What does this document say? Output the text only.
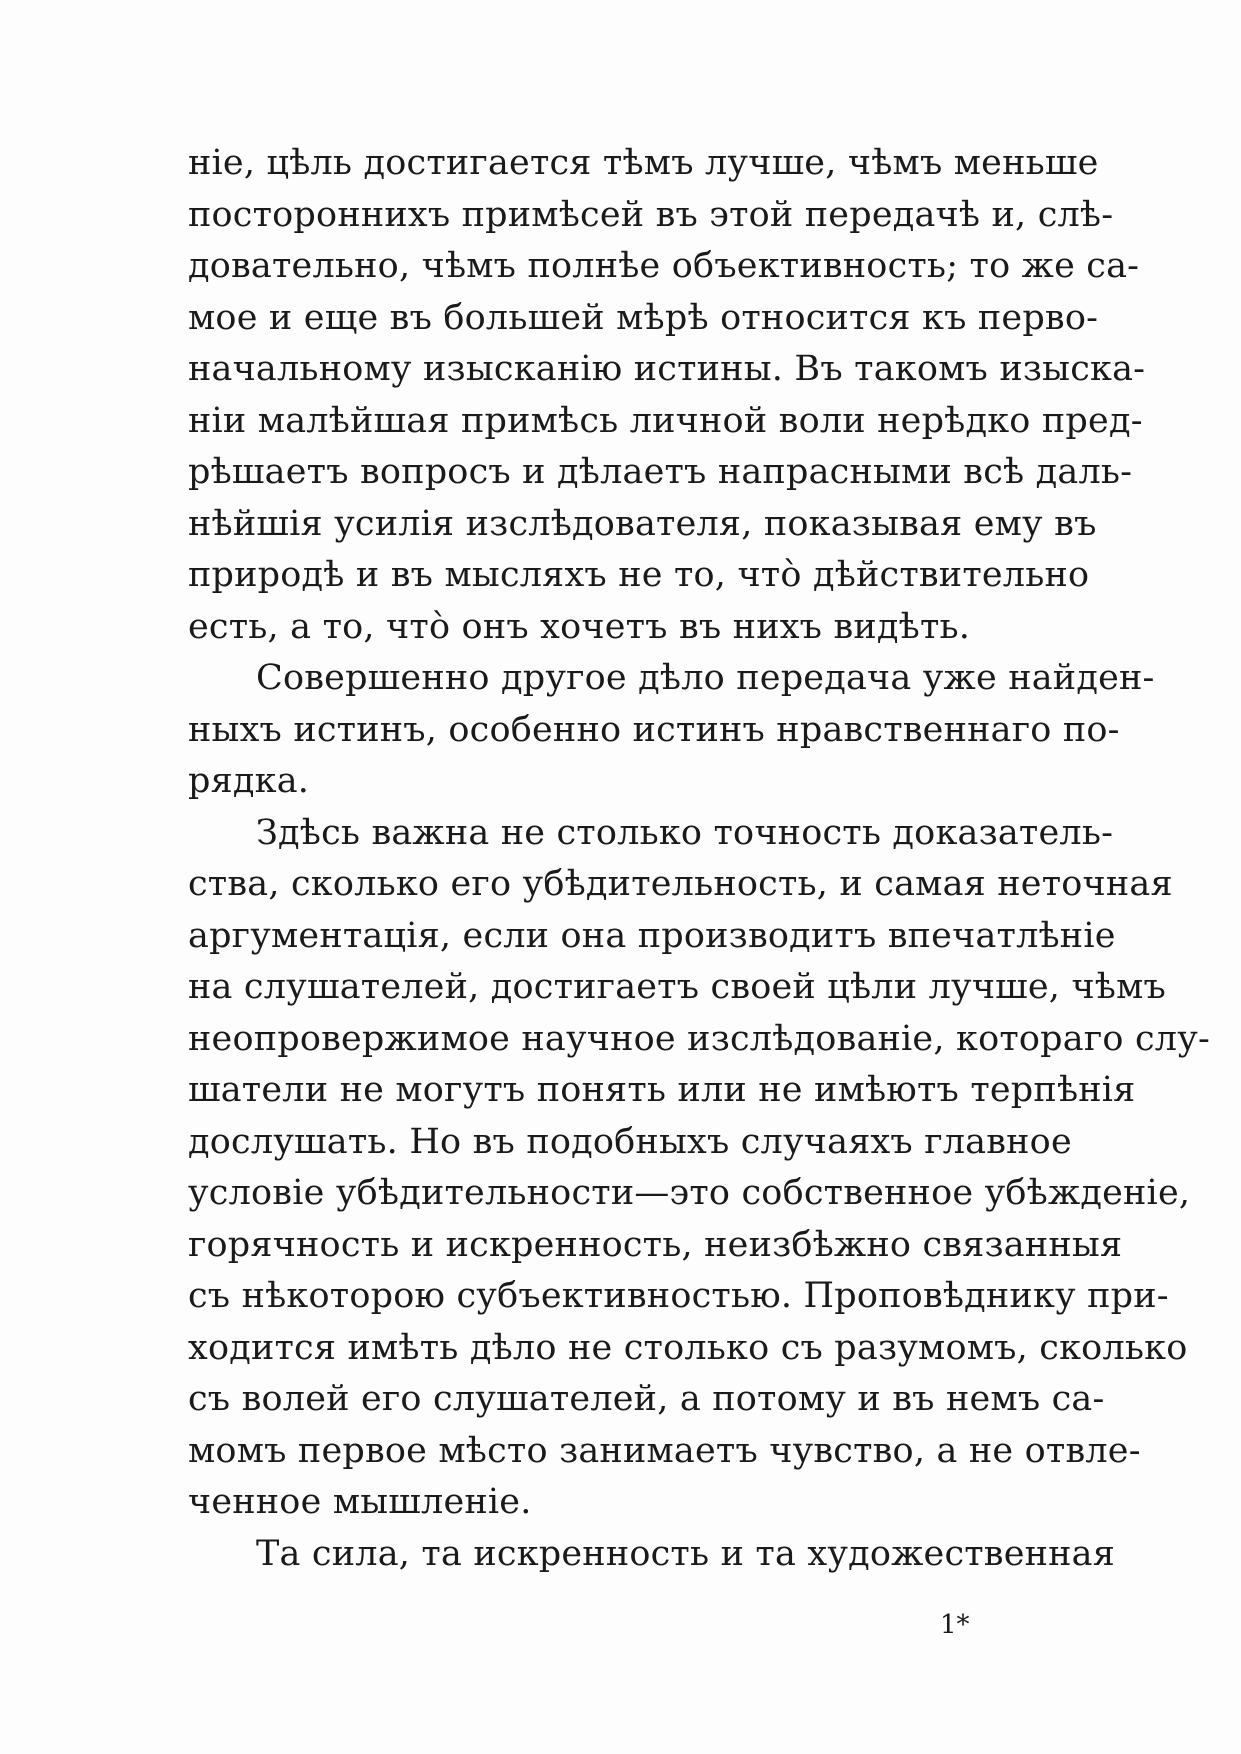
ніе, цѣль достигается тѣмъ лучше, чѣмъ меньше
постороннихъ примѣсей въ этой передачѣ и, слѣ-
довательно, чѣмъ полнѣе объективность; то же са-
мое и еще въ большей мѣрѣ относится къ перво-
начальному изысканію истины. Въ такомъ изыска-
ніи малѣйшая примѣсь личной воли нерѣдко пред-
рѣшаетъ вопросъ и дѣлаетъ напрасными всѣ даль-
нѣйшія усилія изслѣдователя, показывая ему въ
природѣ и въ мысляхъ не то, что̀ дѣйствительно
есть, а то, что̀ онъ хочетъ въ нихъ видѣть.
Совершенно другое дѣло передача уже найден-
ныхъ истинъ, особенно истинъ нравственнаго по-
рядка.
Здѣсь важна не столько точность доказатель-
ства, сколько его убѣдительность, и самая неточная
аргументація, если она производитъ впечатлѣніе
на слушателей, достигаетъ своей цѣли лучше, чѣмъ
неопровержимое научное изслѣдованіе, котораго слу-
шатели не могутъ понять или не имѣютъ терпѣнія
дослушать. Но въ подобныхъ случаяхъ главное
условіе убѣдительности—это собственное убѣжденіе,
горячность и искренность, неизбѣжно связанныя
съ нѣкоторою субъективностью. Проповѣднику при-
ходится имѣть дѣло не столько съ разумомъ, сколько
съ волей его слушателей, а потому и въ немъ са-
момъ первое мѣсто занимаетъ чувство, а не отвле-
ченное мышленіе.
Та сила, та искренность и та художественная
1*
